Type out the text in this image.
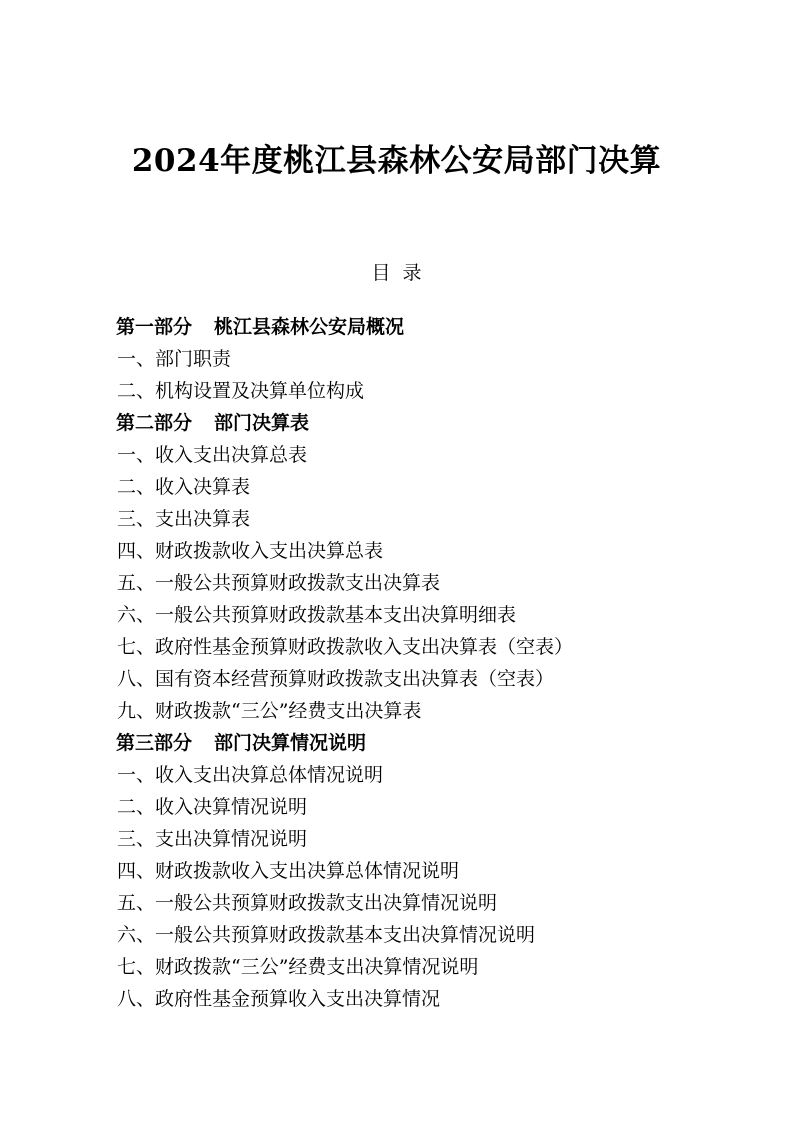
2024年度桃江县森林公安局部门决算
目录
第一部分 桃江县森林公安局概况
一、部门职责
二、机构设置及决算单位构成
第二部分 部门决算表
一、收入支出决算总表
二、收入决算表
三、支出决算表
四、财政拨款收入支出决算总表
五、一般公共预算财政拨款支出决算表
六、一般公共预算财政拨款基本支出决算明细表
七、政府性基金预算财政拨款收入支出决算表（空表）
八、国有资本经营预算财政拨款支出决算表（空表）
九、财政拨款“三公”经费支出决算表
第三部分 部门决算情况说明
一、收入支出决算总体情况说明
二、收入决算情况说明
三、支出决算情况说明
四、财政拨款收入支出决算总体情况说明
五、一般公共预算财政拨款支出决算情况说明
六、一般公共预算财政拨款基本支出决算情况说明
七、财政拨款“三公”经费支出决算情况说明
八、政府性基金预算收入支出决算情况
